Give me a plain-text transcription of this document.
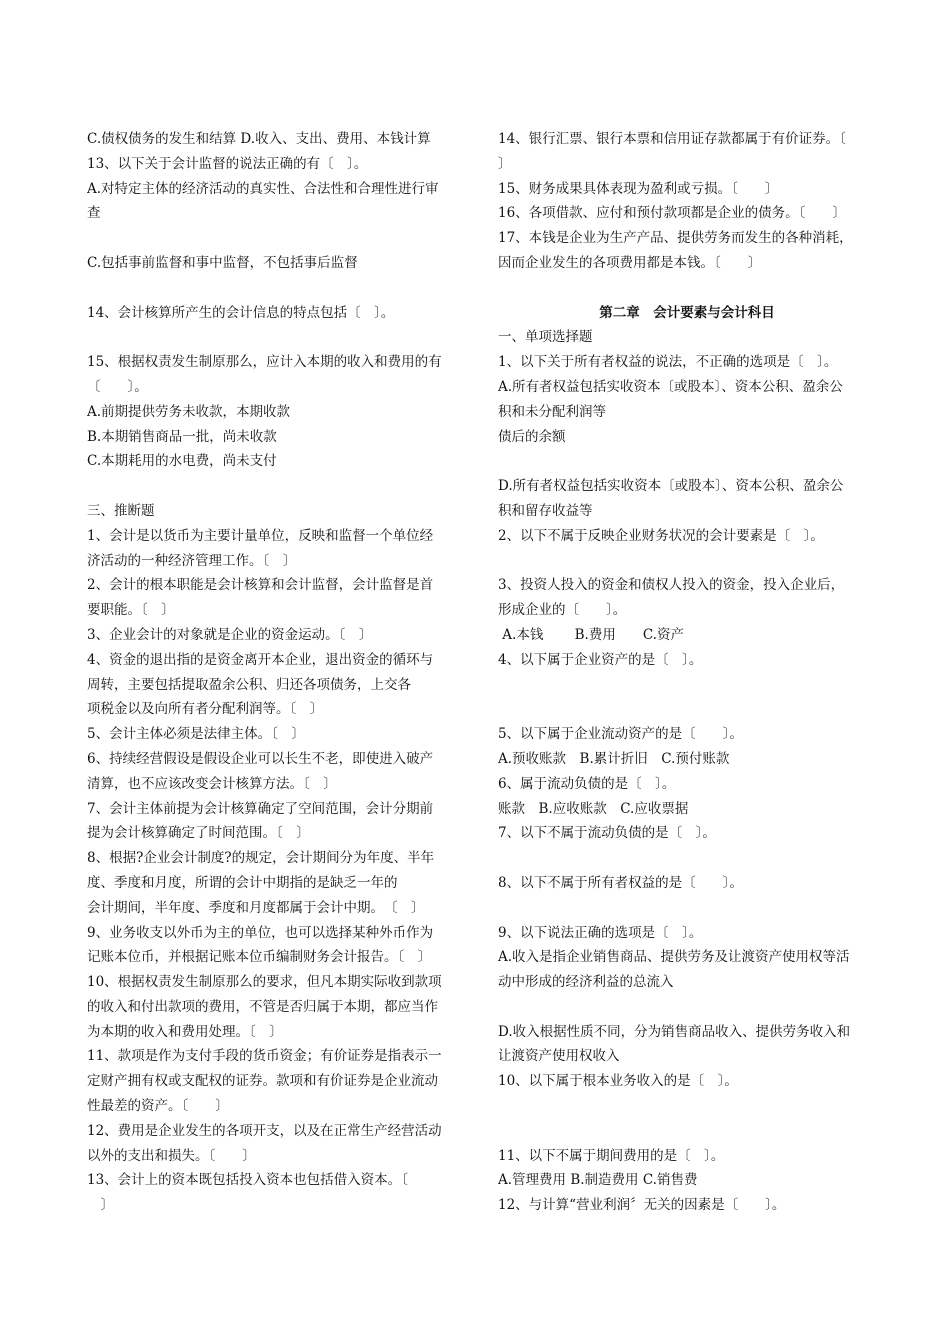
C.债权债务的发生和结算 D.收入、支出、费用、本钱计算
13、以下关于会计监督的说法正确的有〔　〕。
A.对特定主体的经济活动的真实性、合法性和合理性进行审
查
C.包括事前监督和事中监督，不包括事后监督
14、会计核算所产生的会计信息的特点包括〔　〕。
15、根据权责发生制原那么，应计入本期的收入和费用的有
〔　　〕。
A.前期提供劳务未收款，本期收款
B.本期销售商品一批，尚未收款
C.本期耗用的水电费，尚未支付
三、推断题
1、会计是以货币为主要计量单位，反映和监督一个单位经
济活动的一种经济管理工作。〔　〕
2、会计的根本职能是会计核算和会计监督，会计监督是首
要职能。〔　〕
3、企业会计的对象就是企业的资金运动。〔　〕
4、资金的退出指的是资金离开本企业，退出资金的循环与
周转，主要包括提取盈余公积、归还各项债务，上交各
项税金以及向所有者分配利润等。〔　〕
5、会计主体必须是法律主体。〔　〕
6、持续经营假设是假设企业可以长生不老，即使进入破产
清算，也不应该改变会计核算方法。〔　〕
7、会计主体前提为会计核算确定了空间范围，会计分期前
提为会计核算确定了时间范围。〔　〕
8、根据?企业会计制度?的规定，会计期间分为年度、半年
度、季度和月度，所谓的会计中期指的是缺乏一年的
会计期间，半年度、季度和月度都属于会计中期。　〔　〕
9、业务收支以外币为主的单位，也可以选择某种外币作为
记账本位币，并根据记账本位币编制财务会计报告。〔　〕
10、根据权责发生制原那么的要求，但凡本期实际收到款项
的收入和付出款项的费用，不管是否归属于本期，都应当作
为本期的收入和费用处理。〔　〕
11、款项是作为支付手段的货币资金；有价证券是指表示一
定财产拥有权或支配权的证券。款项和有价证券是企业流动
性最差的资产。〔　　〕
12、费用是企业发生的各项开支，以及在正常生产经营活动
以外的支出和损失。〔　　〕
13、会计上的资本既包括投入资本也包括借入资本。〔
　〕
14、银行汇票、银行本票和信用证存款都属于有价证券。〔
〕
15、财务成果具体表现为盈利或亏损。〔　　〕
16、各项借款、应付和预付款项都是企业的债务。〔　　〕
17、本钱是企业为生产产品、提供劳务而发生的各种消耗，
因而企业发生的各项费用都是本钱。〔　　〕
第二章　会计要素与会计科目
一、单项选择题
1、以下关于所有者权益的说法，不正确的选项是〔　〕。
A.所有者权益包括实收资本〔或股本〕、资本公积、盈余公
积和未分配利润等
债后的余额
D.所有者权益包括实收资本〔或股本〕、资本公积、盈余公
积和留存收益等
2、以下不属于反映企业财务状况的会计要素是〔　〕。
3、投资人投入的资金和债权人投入的资金，投入企业后，
形成企业的〔　　〕。
A.本钱　　 B.费用　　C.资产
4、以下属于企业资产的是〔　〕。
5、以下属于企业流动资产的是〔　　〕。
A.预收账款　B.累计折旧　C.预付账款
6、属于流动负债的是〔　〕。
账款　B.应收账款　C.应收票据
7、以下不属于流动负债的是〔　〕。
8、以下不属于所有者权益的是〔　　〕。
9、以下说法正确的选项是〔　〕。
A.收入是指企业销售商品、提供劳务及让渡资产使用权等活
动中形成的经济利益的总流入
D.收入根据性质不同，分为销售商品收入、提供劳务收入和
让渡资产使用权收入
10、以下属于根本业务收入的是〔　〕。
11、以下不属于期间费用的是〔　〕。
A.管理费用 B.制造费用 C.销售费
12、与计算“营业利润〞无关的因素是〔　　〕。
